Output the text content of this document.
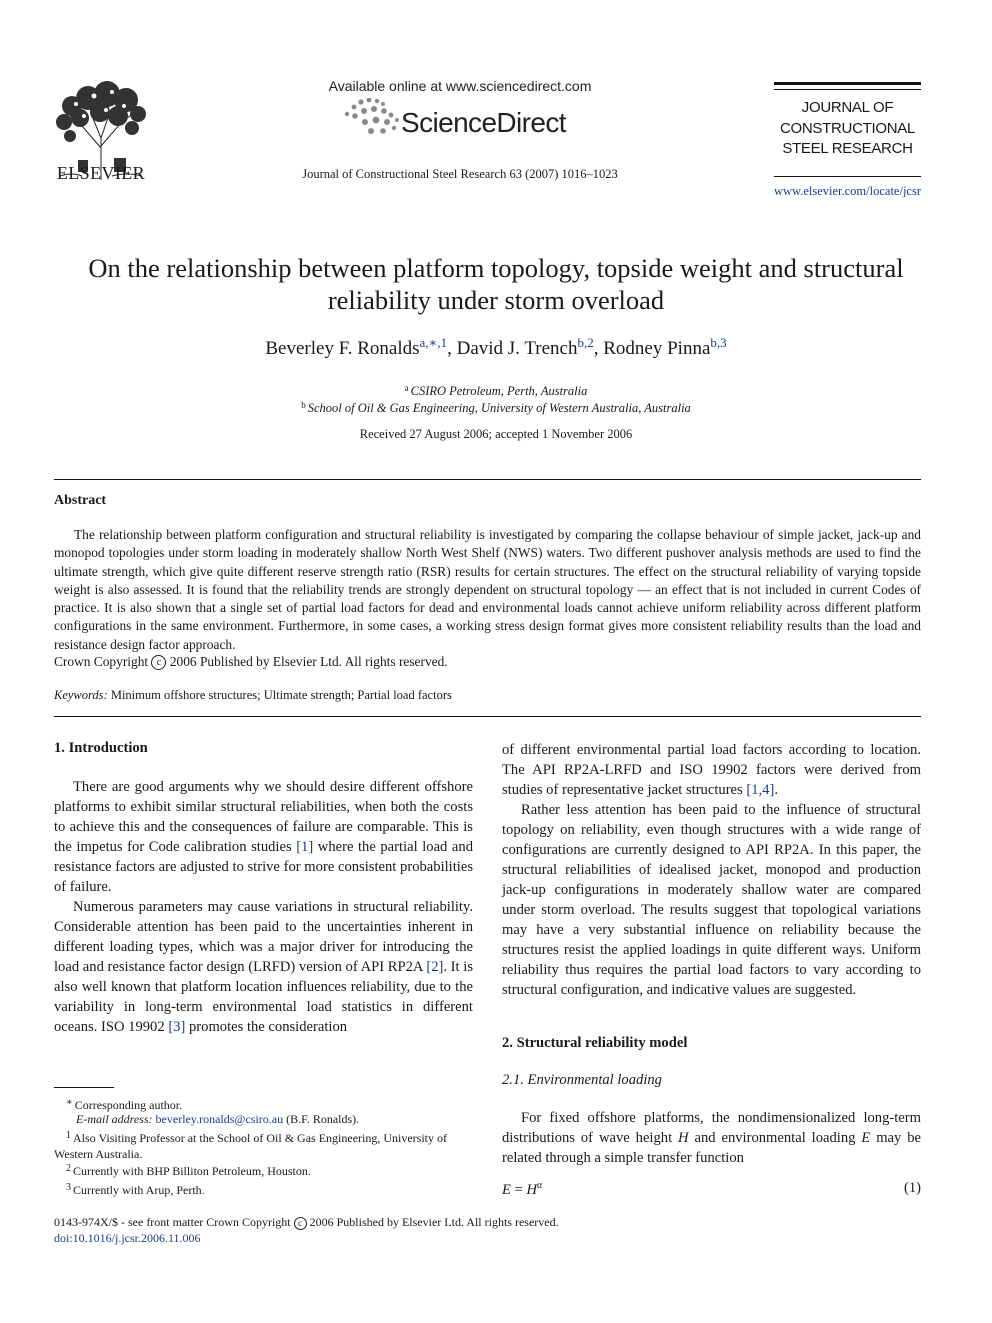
ELSEVIER
Available online at www.sciencedirect.com
ScienceDirect
Journal of Constructional Steel Research 63 (2007) 1016–1023
JOURNAL OF
CONSTRUCTIONAL
STEEL RESEARCH
www.elsevier.com/locate/jcsr
On the relationship between platform topology, topside weight and structural
reliability under storm overload
Beverley F. Ronalds$^{a,∗,1}$, David J. Trench$^{b,2}$, Rodney Pinna$^{b,3}$
$^a$ CSIRO Petroleum, Perth, Australia
$^b$ School of Oil & Gas Engineering, University of Western Australia, Australia
Received 27 August 2006; accepted 1 November 2006
Abstract
The relationship between platform configuration and structural reliability is investigated by comparing the collapse behaviour of simple jacket, jack-up and monopod topologies under storm loading in moderately shallow North West Shelf (NWS) waters. Two different pushover analysis methods are used to find the ultimate strength, which give quite different reserve strength ratio (RSR) results for certain structures. The effect on the structural reliability of varying topside weight is also assessed. It is found that the reliability trends are strongly dependent on structural topology — an effect that is not included in current Codes of practice. It is also shown that a single set of partial load factors for dead and environmental loads cannot achieve uniform reliability across different platform configurations in the same environment. Furthermore, in some cases, a working stress design format gives more consistent reliability results than the load and resistance design factor approach.
Crown Copyright c 2006 Published by Elsevier Ltd. All rights reserved.
Keywords: Minimum offshore structures; Ultimate strength; Partial load factors
1. Introduction

There are good arguments why we should desire different offshore platforms to exhibit similar structural reliabilities, when both the costs to achieve this and the consequences of failure are comparable. This is the impetus for Code calibration studies [1] where the partial load and resistance factors are adjusted to strive for more consistent probabilities of failure.

Numerous parameters may cause variations in structural reliability. Considerable attention has been paid to the uncertainties inherent in different loading types, which was a major driver for introducing the load and resistance factor design (LRFD) version of API RP2A [2]. It is also well known that platform location influences reliability, due to the variability in long-term environmental load statistics in different oceans. ISO 19902 [3] promotes the consideration

∗ Corresponding author.
E-mail address: beverley.ronalds@csiro.au (B.F. Ronalds).
$^1$ Also Visiting Professor at the School of Oil & Gas Engineering, University of Western Australia.
$^2$ Currently with BHP Billiton Petroleum, Houston.
$^3$ Currently with Arup, Perth.
of different environmental partial load factors according to location. The API RP2A-LRFD and ISO 19902 factors were derived from studies of representative jacket structures [1,4].

Rather less attention has been paid to the influence of structural topology on reliability, even though structures with a wide range of configurations are currently designed to API RP2A. In this paper, the structural reliabilities of idealised jacket, monopod and production jack-up configurations in moderately shallow water are compared under storm overload. The results suggest that topological variations may have a very substantial influence on reliability because the structures resist the applied loadings in quite different ways. Uniform reliability thus requires the partial load factors to vary according to structural configuration, and indicative values are suggested.

2. Structural reliability model
2.1. Environmental loading

For fixed offshore platforms, the nondimensionalized long-term distributions of wave height H and environmental loading E may be related through a simple transfer function

$E = H^\alpha$	(1)
0143-974X/$ - see front matter Crown Copyright c 2006 Published by Elsevier Ltd. All rights reserved.
doi:10.1016/j.jcsr.2006.11.006
